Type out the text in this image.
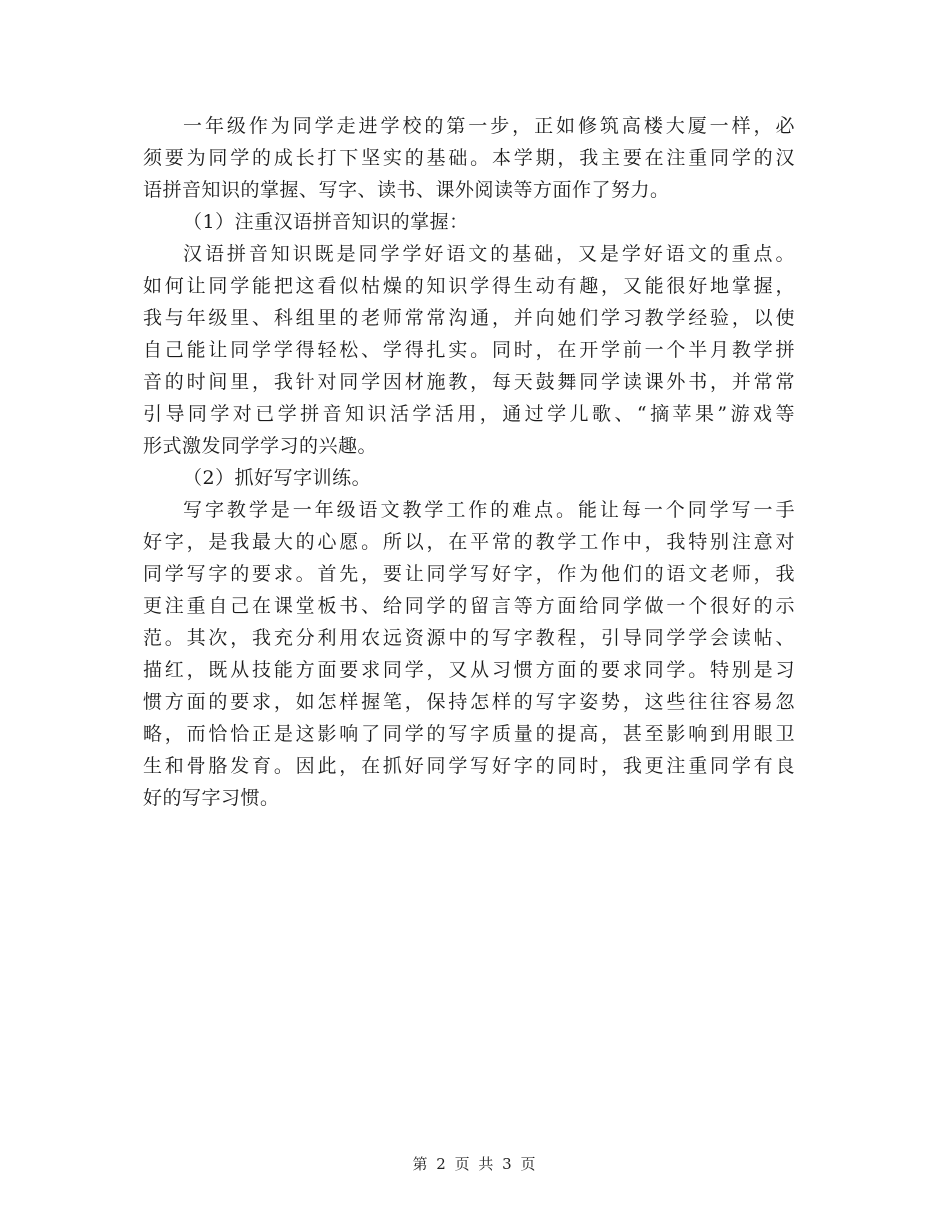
一年级作为同学走进学校的第一步，正如修筑高楼大厦一样，必
须要为同学的成长打下坚实的基础。本学期，我主要在注重同学的汉
语拼音知识的掌握、写字、读书、课外阅读等方面作了努力。
（1）注重汉语拼音知识的掌握：
汉语拼音知识既是同学学好语文的基础，又是学好语文的重点。
如何让同学能把这看似枯燥的知识学得生动有趣，又能很好地掌握，
我与年级里、科组里的老师常常沟通，并向她们学习教学经验，以使
自己能让同学学得轻松、学得扎实。同时，在开学前一个半月教学拼
音的时间里，我针对同学因材施教，每天鼓舞同学读课外书，并常常
引导同学对已学拼音知识活学活用，通过学儿歌、“摘苹果”游戏等
形式激发同学学习的兴趣。
（2）抓好写字训练。
写字教学是一年级语文教学工作的难点。能让每一个同学写一手
好字，是我最大的心愿。所以，在平常的教学工作中，我特别注意对
同学写字的要求。首先，要让同学写好字，作为他们的语文老师，我
更注重自己在课堂板书、给同学的留言等方面给同学做一个很好的示
范。其次，我充分利用农远资源中的写字教程，引导同学学会读帖、
描红，既从技能方面要求同学，又从习惯方面的要求同学。特别是习
惯方面的要求，如怎样握笔，保持怎样的写字姿势，这些往往容易忽
略，而恰恰正是这影响了同学的写字质量的提高，甚至影响到用眼卫
生和骨胳发育。因此，在抓好同学写好字的同时，我更注重同学有良
好的写字习惯。
第 2 页 共 3 页
